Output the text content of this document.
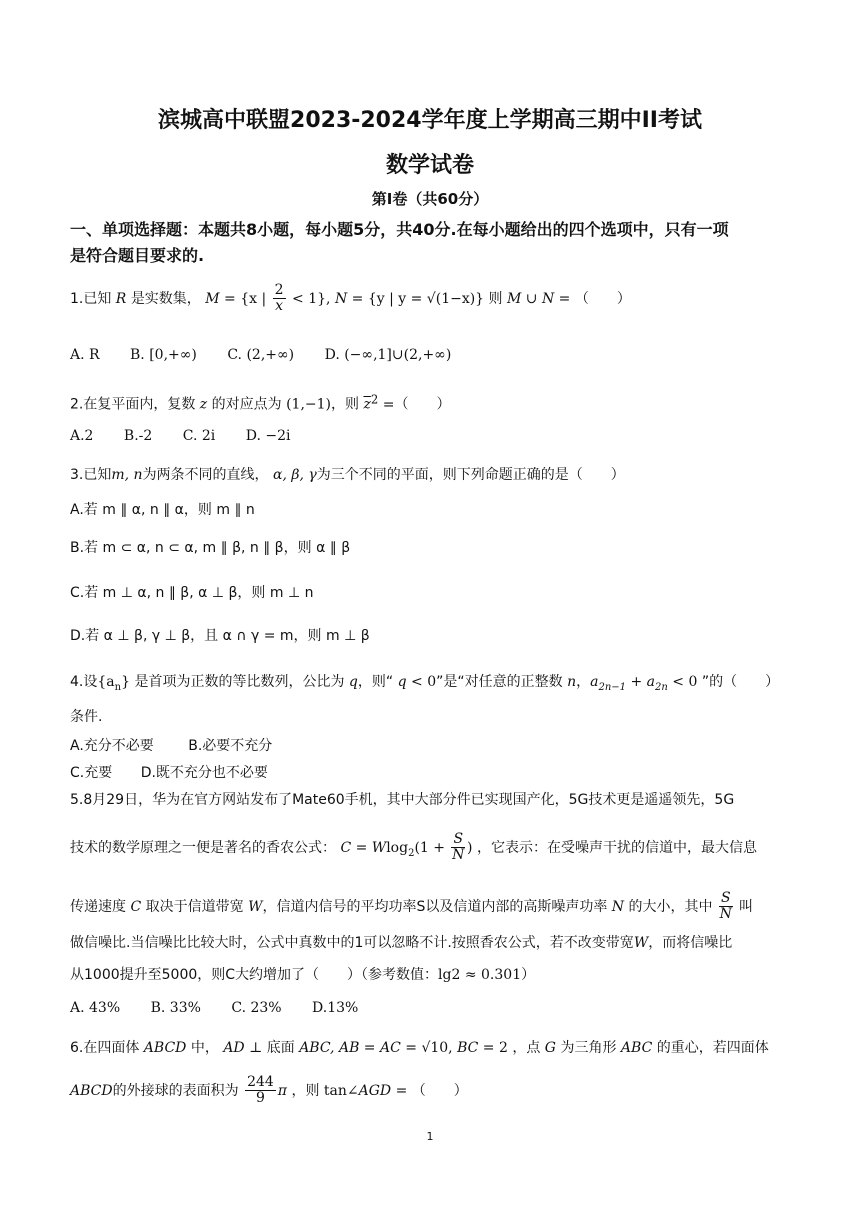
滨城高中联盟2023-2024学年度上学期高三期中II考试
数学试卷
第I卷（共60分）
一、单项选择题：本题共8小题，每小题5分，共40分.在每小题给出的四个选项中，只有一项
是符合题目要求的.
1.已知 R 是实数集， M = {x | $\frac{2}{x} < 1$}, N = {y | y = √(1−x)} 则 M ∪ N = （　　）
A. R B. [0,+∞) C. (2,+∞) D. (−∞,1]∪(2,+∞)
2.在复平面内，复数 z 的对应点为 (1,−1)，则 $\overline{z}^2$ =（　　）
A.2 B.-2 C. 2i D. −2i
3.已知m, n为两条不同的直线， α, β, γ为三个不同的平面，则下列命题正确的是（　　）
A.若 m ∥ α, n ∥ α，则 m ∥ n
B.若 m ⊂ α, n ⊂ α, m ∥ β, n ∥ β，则 α ∥ β
C.若 m ⊥ α, n ∥ β, α ⊥ β，则 m ⊥ n
D.若 α ⊥ β, γ ⊥ β，且 α ∩ γ = m，则 m ⊥ β
4.设$\{a_n\}$ 是首项为正数的等比数列，公比为 q，则“ q < 0”是“对任意的正整数 n，$a_{2n-1} + a_{2n} < 0$ ”的（　　）
条件.
A.充分不必要 B.必要不充分
C.充要 D.既不充分也不必要
5.8月29日，华为在官方网站发布了Mate60手机，其中大部分件已实现国产化，5G技术更是遥遥领先，5G
技术的数学原理之一便是著名的香农公式： $C = Wlog_2(1 + \frac{S}{N}$ ) ，它表示：在受噪声干扰的信道中，最大信息
传递速度 C 取决于信道带宽 W，信道内信号的平均功率S以及信道内部的高斯噪声功率 N 的大小，其中 $\frac{S}{N}$ 叫
做信噪比.当信噪比比较大时，公式中真数中的1可以忽略不计.按照香农公式，若不改变带宽W，而将信噪比
从1000提升至5000，则C大约增加了（　　）（参考数值：lg2 ≈ 0.301）
A. 43% B. 33% C. 23% D.13%
6.在四面体 ABCD 中， AD ⊥ 底面 ABC, AB = AC = √10, BC = 2 ，点 G 为三角形 ABC 的重心，若四面体
ABCD的外接球的表面积为 $\frac{244}{9}$ π ，则 tan∠AGD = （　　）
1
